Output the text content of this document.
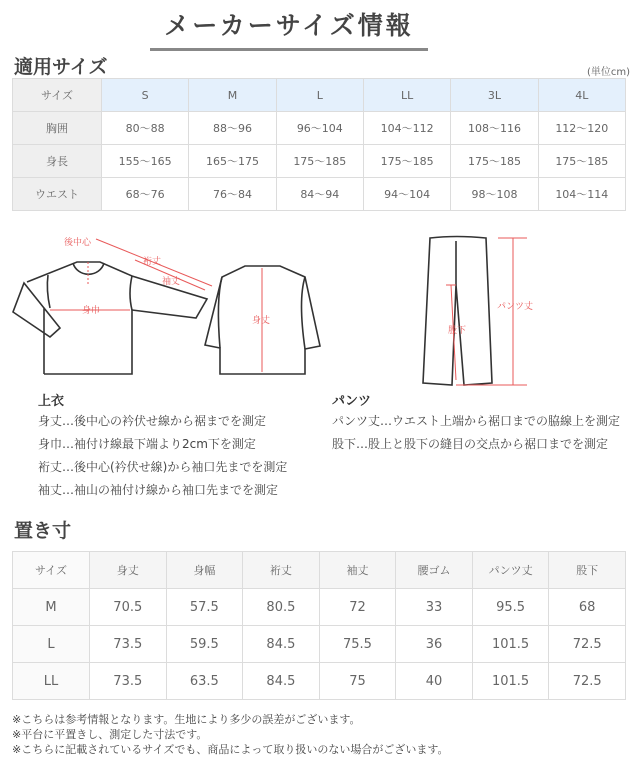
メーカーサイズ情報
適用サイズ	(単位cm)
サイズ	S	M	L	LL	3L	4L
胸囲	80〜88	88〜96	96〜104	104〜112	108〜116	112〜120
身長	155〜165	165〜175	175〜185	175〜185	175〜185	175〜185
ウエスト	68〜76	76〜84	84〜94	94〜104	98〜108	104〜114
後中心
裄丈
袖丈
身巾
身丈
パンツ丈
股下
上衣
身丈…後中心の衿伏せ線から裾までを測定
身巾…袖付け線最下端より2cm下を測定
裄丈…後中心(衿伏せ線)から袖口先までを測定
袖丈…袖山の袖付け線から袖口先までを測定
パンツ
パンツ丈…ウエスト上端から裾口までの脇線上を測定
股下…股上と股下の縫目の交点から裾口までを測定
置き寸
サイズ	身丈	身幅	裄丈	袖丈	腰ゴム	パンツ丈	股下
M	70.5	57.5	80.5	72	33	95.5	68
L	73.5	59.5	84.5	75.5	36	101.5	72.5
LL	73.5	63.5	84.5	75	40	101.5	72.5
※こちらは参考情報となります。生地により多少の誤差がございます。
※平台に平置きし、測定した寸法です。
※こちらに記載されているサイズでも、商品によって取り扱いのない場合がございます。
